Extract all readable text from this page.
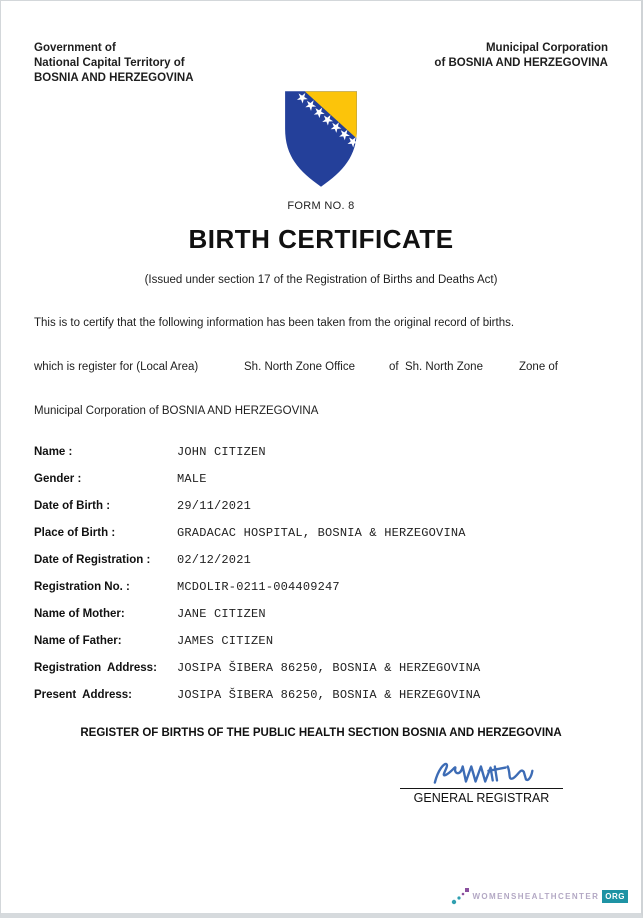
Government of
National Capital Territory of
BOSNIA AND HERZEGOVINA
Municipal Corporation
of BOSNIA AND HERZEGOVINA
FORM NO. 8
BIRTH CERTIFICATE
(Issued under section 17 of the Registration of Births and Deaths Act)
This is to certify that the following information has been taken from the original record of births.

which is register for (Local Area)

	Sh. North Zone Office

	of  Sh. North Zone

	Zone of

Municipal Corporation of BOSNIA AND HERZEGOVINA
Name :	JOHN CITIZEN
Gender :	MALE
Date of Birth :	29/11/2021
Place of Birth :	GRADACAC HOSPITAL, BOSNIA & HERZEGOVINA
Date of Registration :	02/12/2021
Registration No. :	MCDOLIR-0211-004409247
Name of Mother:	JANE CITIZEN
Name of Father:	JAMES CITIZEN
Registration  Address:	JOSIPA ŠIBERA 86250, BOSNIA & HERZEGOVINA
Present  Address:	JOSIPA ŠIBERA 86250, BOSNIA & HERZEGOVINA
REGISTER OF BIRTHS OF THE PUBLIC HEALTH SECTION BOSNIA AND HERZEGOVINA
GENERAL REGISTRAR
WOMENSHEALTHCENTER ORG
